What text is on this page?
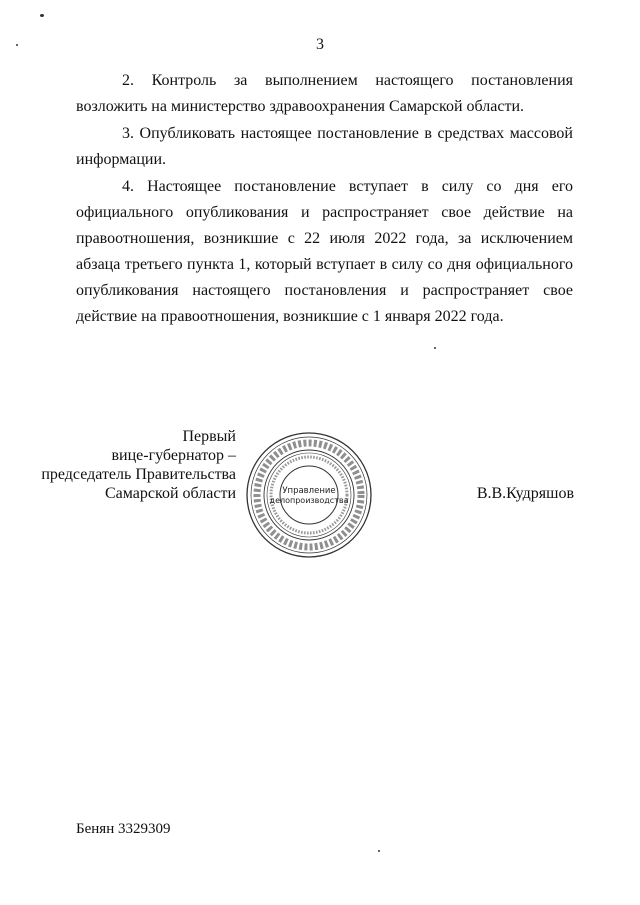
3

2. Контроль за выполнением настоящего постановления возложить на министерство здравоохранения Самарской области.

3. Опубликовать настоящее постановление в средствах массовой информации.

4. Настоящее постановление вступает в силу со дня его официального опубликования и распространяет свое действие на правоотношения, возникшие с 22 июля 2022 года, за исключением абзаца третьего пункта 1, который вступает в силу со дня официального опубликования настоящего постановления и распространяет свое действие на правоотношения, возникшие с 1 января 2022 года.

Первый
вице-губернатор –
председатель Правительства
Самарской области	Управление
делопроизводства	В.В.Кудряшов
Бенян 3329309
